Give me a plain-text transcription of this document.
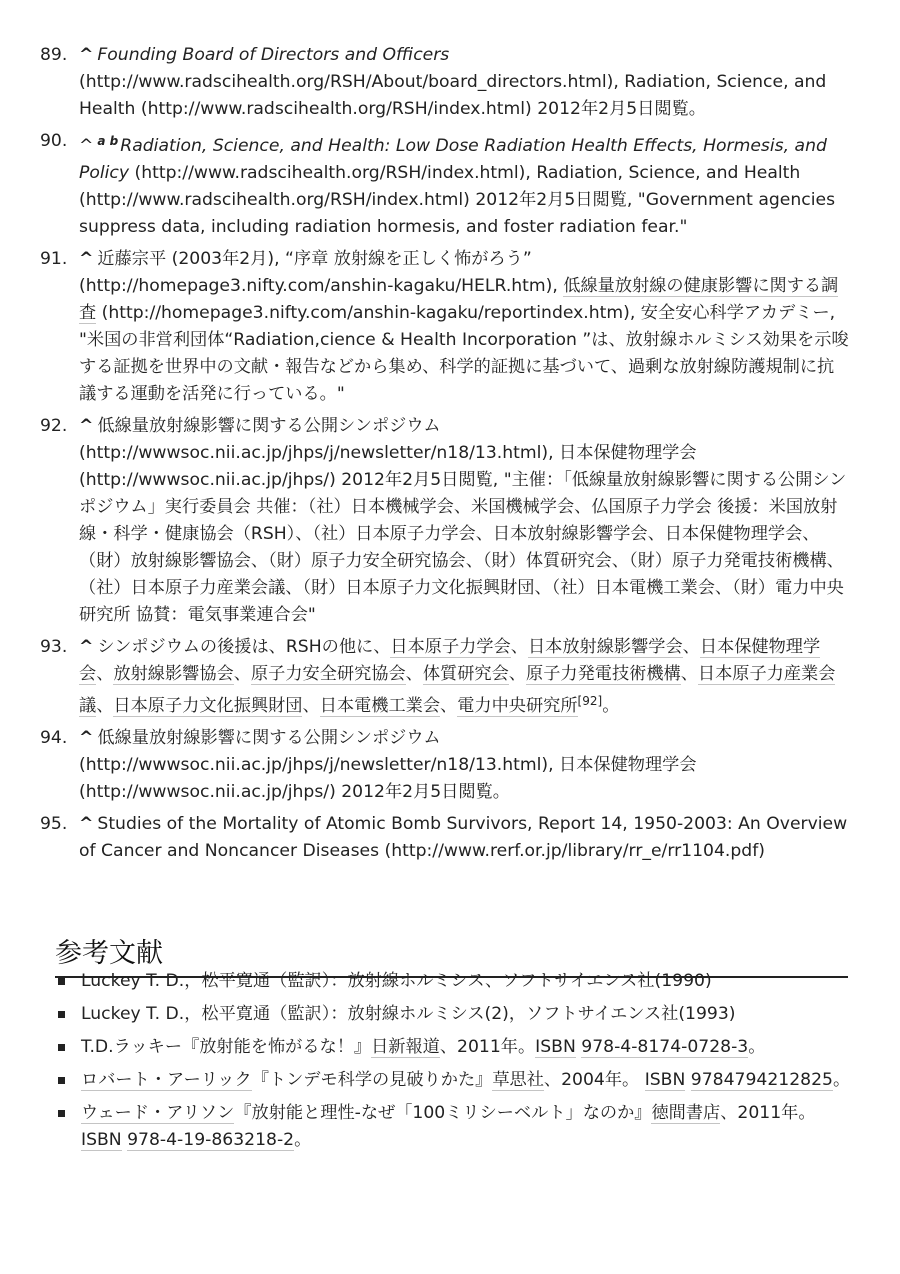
89. ^ Founding Board of Directors and Officers (http://www.radscihealth.org/RSH/About/board_directors.html), Radiation, Science, and Health (http://www.radscihealth.org/RSH/index.html) 2012年2月5日閲覧。
90. ^ $^{a b}$ Radiation, Science, and Health: Low Dose Radiation Health Effects, Hormesis, and Policy (http://www.radscihealth.org/RSH/index.html), Radiation, Science, and Health (http://www.radscihealth.org/RSH/index.html) 2012年2月5日閲覧, "Government agencies suppress data, including radiation hormesis, and foster radiation fear."
91. ^ 近藤宗平 (2003年2月), “序章 放射線を正しく怖がろう” (http://homepage3.nifty.com/anshin-kagaku/HELR.htm), 低線量放射線の健康影響に関する調査 (http://homepage3.nifty.com/anshin-kagaku/reportindex.htm), 安全安心科学アカデミー, "米国の非営利団体“Radiation,cience & Health Incorporation ”は、放射線ホルミシス効果を示唆する証拠を世界中の文献・報告などから集め、科学的証拠に基づいて、過剰な放射線防護規制に抗議する運動を活発に行っている。"
92. ^ 低線量放射線影響に関する公開シンポジウム (http://wwwsoc.nii.ac.jp/jhps/j/newsletter/n18/13.html), 日本保健物理学会 (http://wwwsoc.nii.ac.jp/jhps/) 2012年2月5日閲覧, "主催：「低線量放射線影響に関する公開シンポジウム」実行委員会 共催：（社）日本機械学会、米国機械学会、仏国原子力学会 後援：米国放射線・科学・健康協会（RSH）、（社）日本原子力学会、日本放射線影響学会、日本保健物理学会、（財）放射線影響協会、（財）原子力安全研究協会、（財）体質研究会、（財）原子力発電技術機構、（社）日本原子力産業会議、（財）日本原子力文化振興財団、（社）日本電機工業会、（財）電力中央研究所 協賛：電気事業連合会"
93. ^ シンポジウムの後援は、RSHの他に、日本原子力学会、日本放射線影響学会、日本保健物理学会、放射線影響協会、原子力安全研究協会、体質研究会、原子力発電技術機構、日本原子力産業会議、日本原子力文化振興財団、日本電機工業会、電力中央研究所[92]。
94. ^ 低線量放射線影響に関する公開シンポジウム (http://wwwsoc.nii.ac.jp/jhps/j/newsletter/n18/13.html), 日本保健物理学会 (http://wwwsoc.nii.ac.jp/jhps/) 2012年2月5日閲覧。
95. ^ Studies of the Mortality of Atomic Bomb Survivors, Report 14, 1950-2003: An Overview of Cancer and Noncancer Diseases (http://www.rerf.or.jp/library/rr_e/rr1104.pdf)
参考文献
Luckey T. D.，松平寛通（監訳）：放射線ホルミシス、ソフトサイエンス社(1990)
Luckey T. D.，松平寛通（監訳）：放射線ホルミシス(2)，ソフトサイエンス社(1993)
T.D.ラッキー『放射能を怖がるな！』日新報道、2011年。ISBN 978-4-8174-0728-3。
ロバート・アーリック『トンデモ科学の見破りかた』草思社、2004年。 ISBN 9784794212825。
ウェード・アリソン『放射能と理性-なぜ「100ミリシーベルト」なのか』徳間書店、2011年。ISBN 978-4-19-863218-2。
